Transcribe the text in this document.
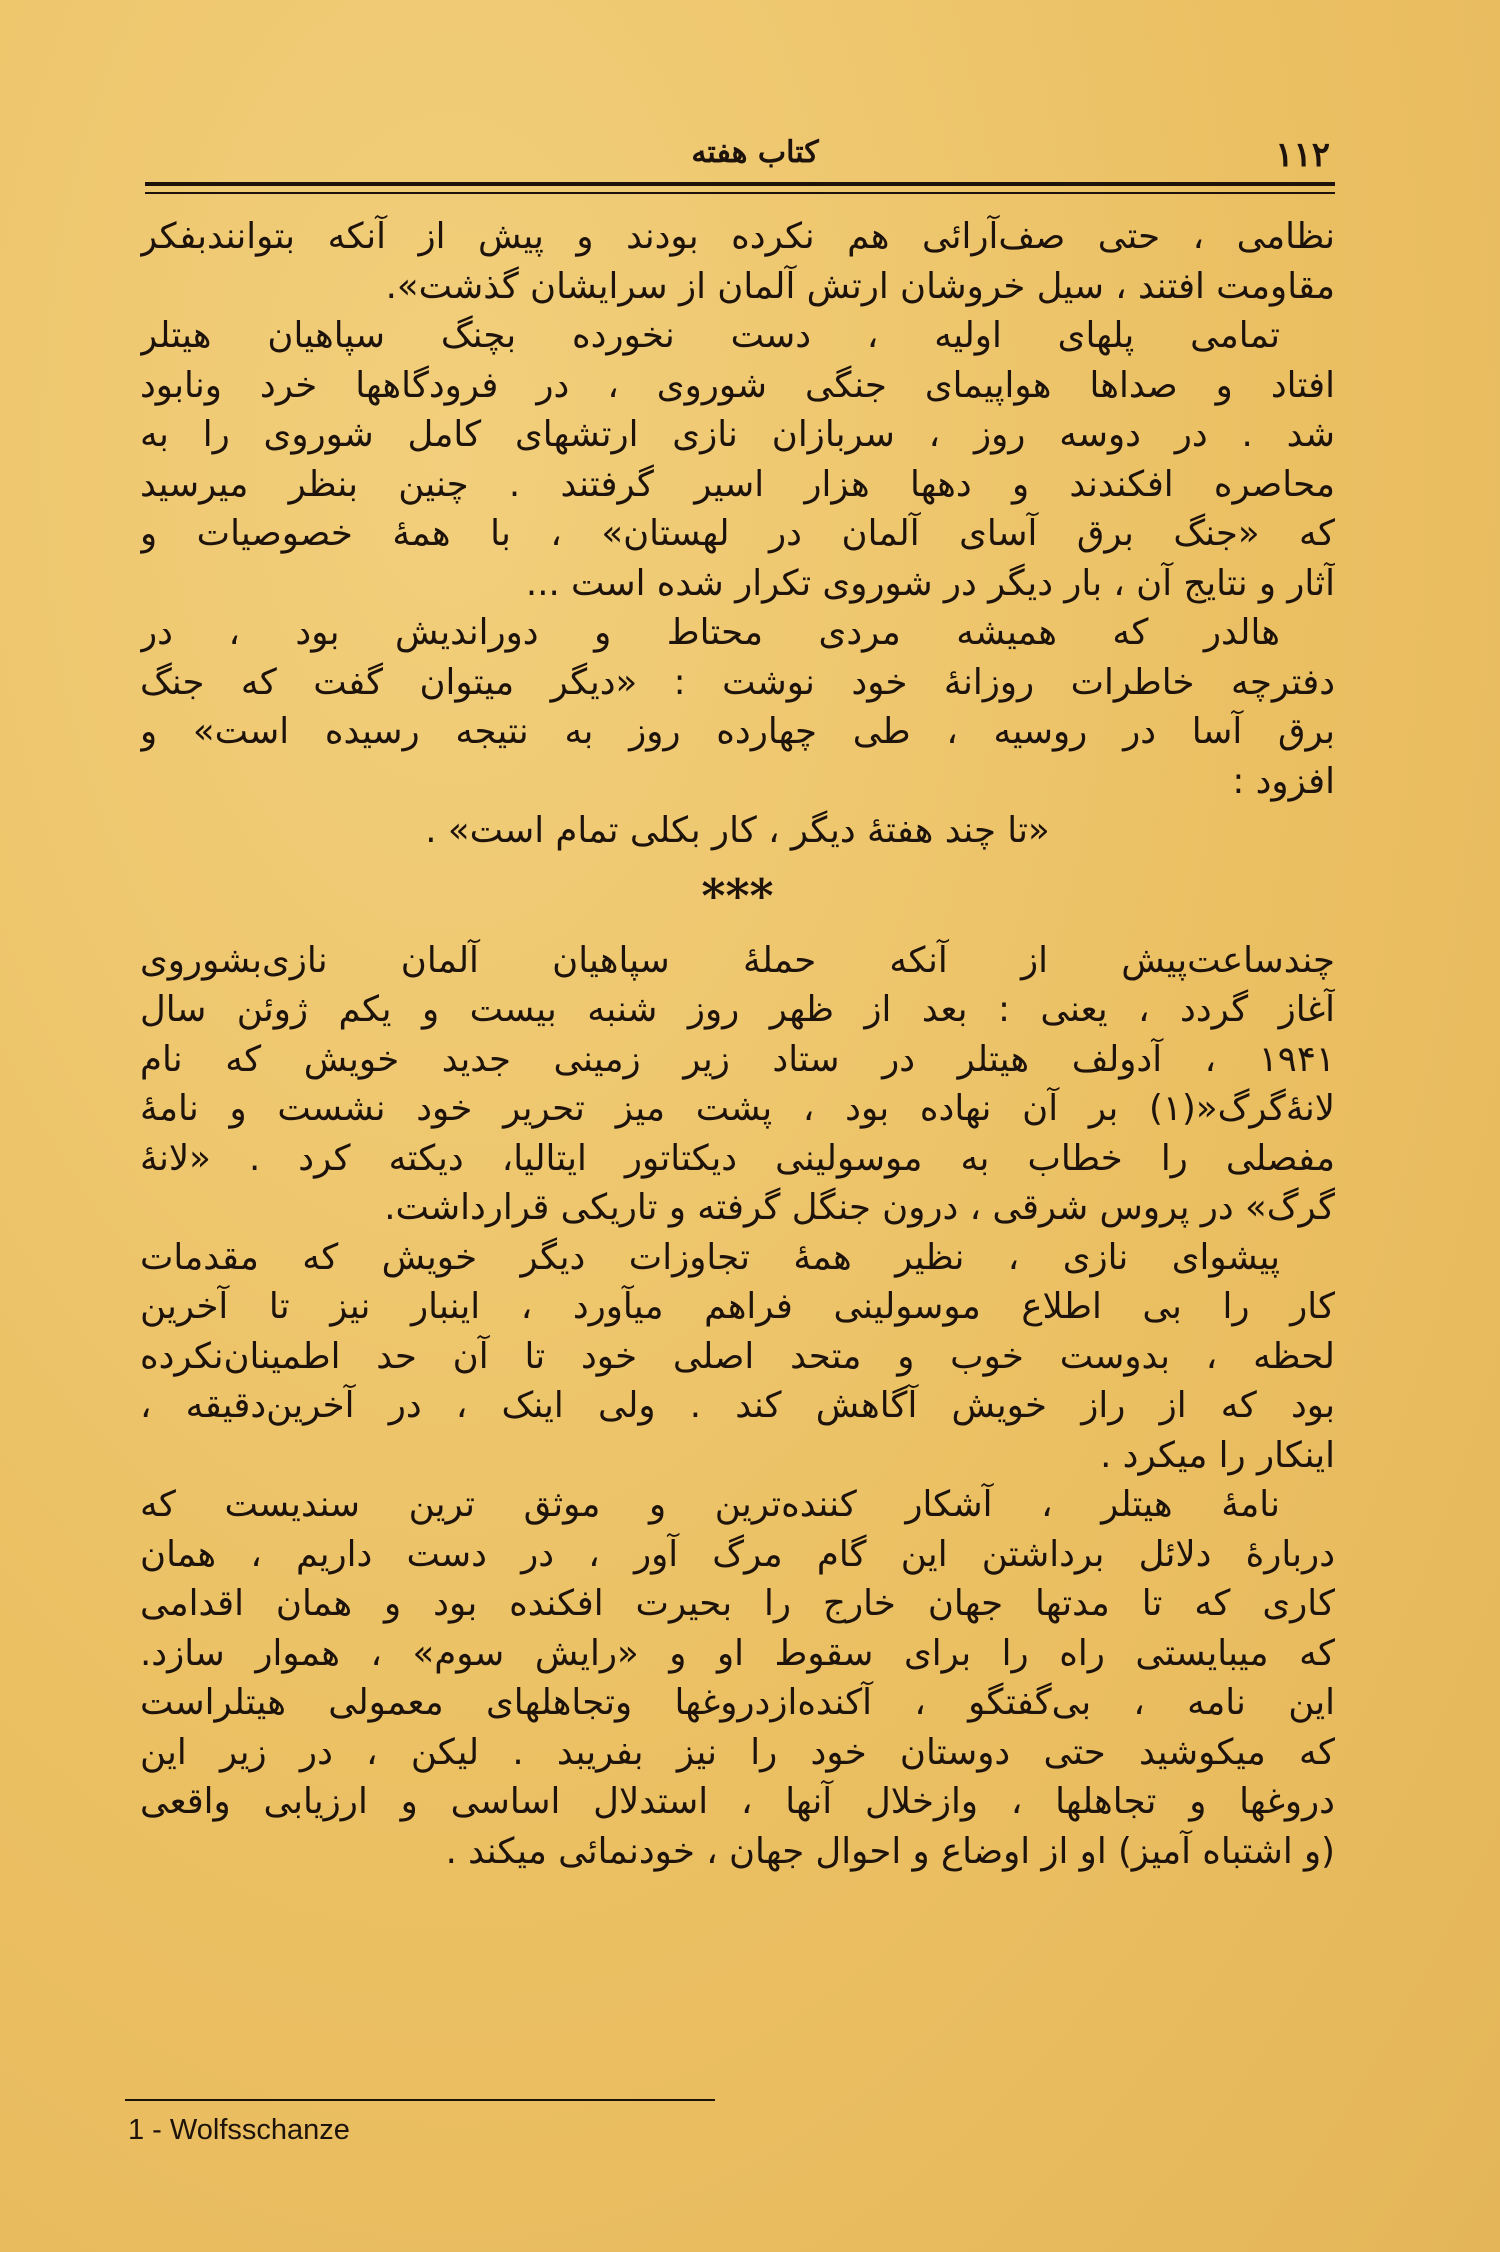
کتاب هفته	۱۱۲
نظامی ، حتی صف‌آرائی هم نکرده بودند و پیش از آنکه بتوانندبفکر
مقاومت افتند ، سیل خروشان ارتش آلمان از سرایشان گذشت».
تمامی پلهای اولیه ، دست نخورده بچنگ سپاهیان هیتلر
افتاد و صداها هواپیمای جنگی شوروی ، در فرودگاهها خرد ونابود
شد . در دوسه روز ، سربازان نازی ارتشهای کامل شوروی را به
محاصره افکندند و دهها هزار اسیر گرفتند . چنین بنظر میرسید
که «جنگ برق آسای آلمان در لهستان» ، با همهٔ خصوصیات و
آثار و نتایج آن ، بار دیگر در شوروی تکرار شده است ...
هالدر که همیشه مردی محتاط و دوراندیش بود ، در
دفترچه خاطرات روزانهٔ خود نوشت : «دیگر میتوان گفت که جنگ
برق آسا در روسیه ، طی چهارده روز به نتیجه رسیده است» و
افزود :
«تا چند هفتهٔ دیگر ، کار بکلی تمام است» .
***
چندساعت‌پیش از آنکه حملهٔ سپاهیان آلمان نازی‌بشوروی
آغاز گردد ، یعنی : بعد از ظهر روز شنبه بیست و یکم ژوئن سال
۱۹۴۱ ، آدولف هیتلر در ستاد زیر زمینی جدید خویش که نام
لانهٔ‌گرگ«(۱) بر آن نهاده بود ، پشت میز تحریر خود نشست و نامهٔ
مفصلی را خطاب به موسولینی دیکتاتور ایتالیا، دیکته کرد . «لانهٔ
گرگ» در پروس شرقی ، درون جنگل گرفته و تاریکی قرارداشت.
پیشوای نازی ، نظیر همهٔ تجاوزات دیگر خویش که مقدمات
کار را بی اطلاع موسولینی فراهم میآورد ، اینبار نیز تا آخرین
لحظه ، بدوست خوب و متحد اصلی خود تا آن حد اطمینان‌نکرده
بود که از راز خویش آگاهش کند . ولی اینک ، در آخرین‌دقیقه ،
اینکار را میکرد .
نامهٔ هیتلر ، آشکار کننده‌ترین و موثق ترین سندیست که
دربارهٔ دلائل برداشتن این گام مرگ آور ، در دست داریم ، همان
کاری که تا مدتها جهان خارج را بحیرت افکنده بود و همان اقدامی
که میبایستی راه را برای سقوط او و «رایش سوم» ، هموار سازد.
این نامه ، بی‌گفتگو ، آکنده‌ازدروغها وتجاهلهای معمولی هیتلراست
که میکوشید حتی دوستان خود را نیز بفریبد . لیکن ، در زیر این
دروغها و تجاهلها ، وازخلال آنها ، استدلال اساسی و ارزیابی واقعی
(و اشتباه آمیز) او از اوضاع و احوال جهان ، خودنمائی میکند .
1 - Wolfsschanze
